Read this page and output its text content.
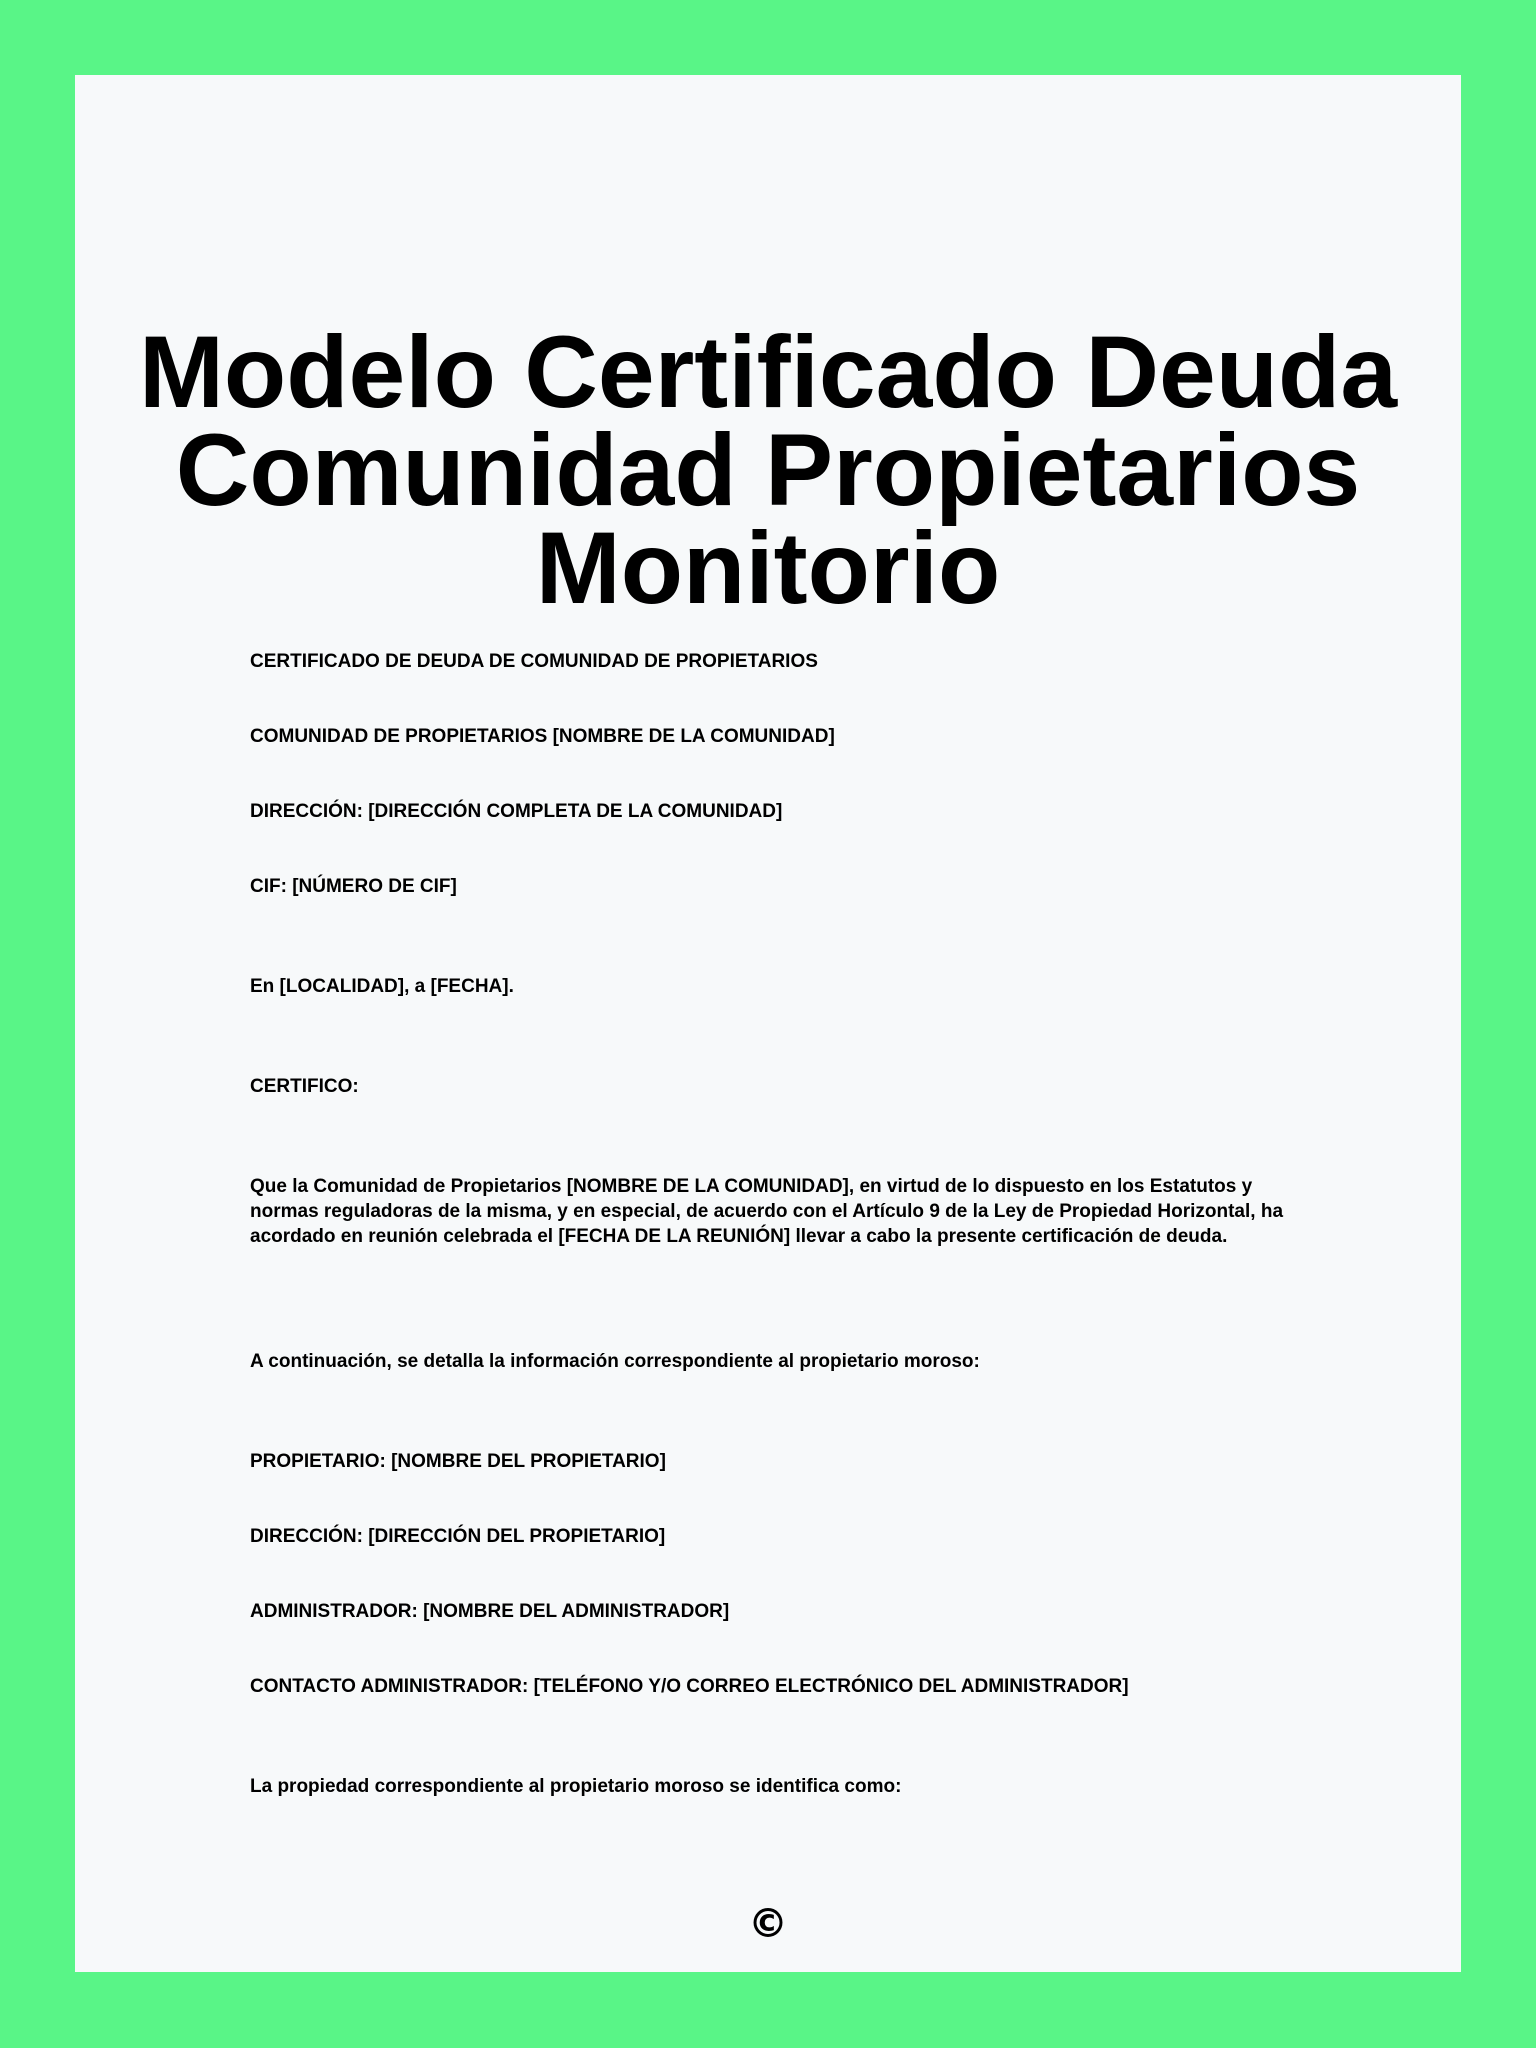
Modelo Certificado Deuda Comunidad Propietarios Monitorio

CERTIFICADO DE DEUDA DE COMUNIDAD DE PROPIETARIOS

COMUNIDAD DE PROPIETARIOS [NOMBRE DE LA COMUNIDAD]

DIRECCIÓN: [DIRECCIÓN COMPLETA DE LA COMUNIDAD]

CIF: [NÚMERO DE CIF]

En [LOCALIDAD], a [FECHA].

CERTIFICO:

Que la Comunidad de Propietarios [NOMBRE DE LA COMUNIDAD], en virtud de lo dispuesto en los Estatutos y normas reguladoras de la misma, y en especial, de acuerdo con el Artículo 9 de la Ley de Propiedad Horizontal, ha acordado en reunión celebrada el [FECHA DE LA REUNIÓN] llevar a cabo la presente certificación de deuda.

A continuación, se detalla la información correspondiente al propietario moroso:

PROPIETARIO: [NOMBRE DEL PROPIETARIO]

DIRECCIÓN: [DIRECCIÓN DEL PROPIETARIO]

ADMINISTRADOR: [NOMBRE DEL ADMINISTRADOR]

CONTACTO ADMINISTRADOR: [TELÉFONO Y/O CORREO ELECTRÓNICO DEL ADMINISTRADOR]

La propiedad correspondiente al propietario moroso se identifica como:

©
